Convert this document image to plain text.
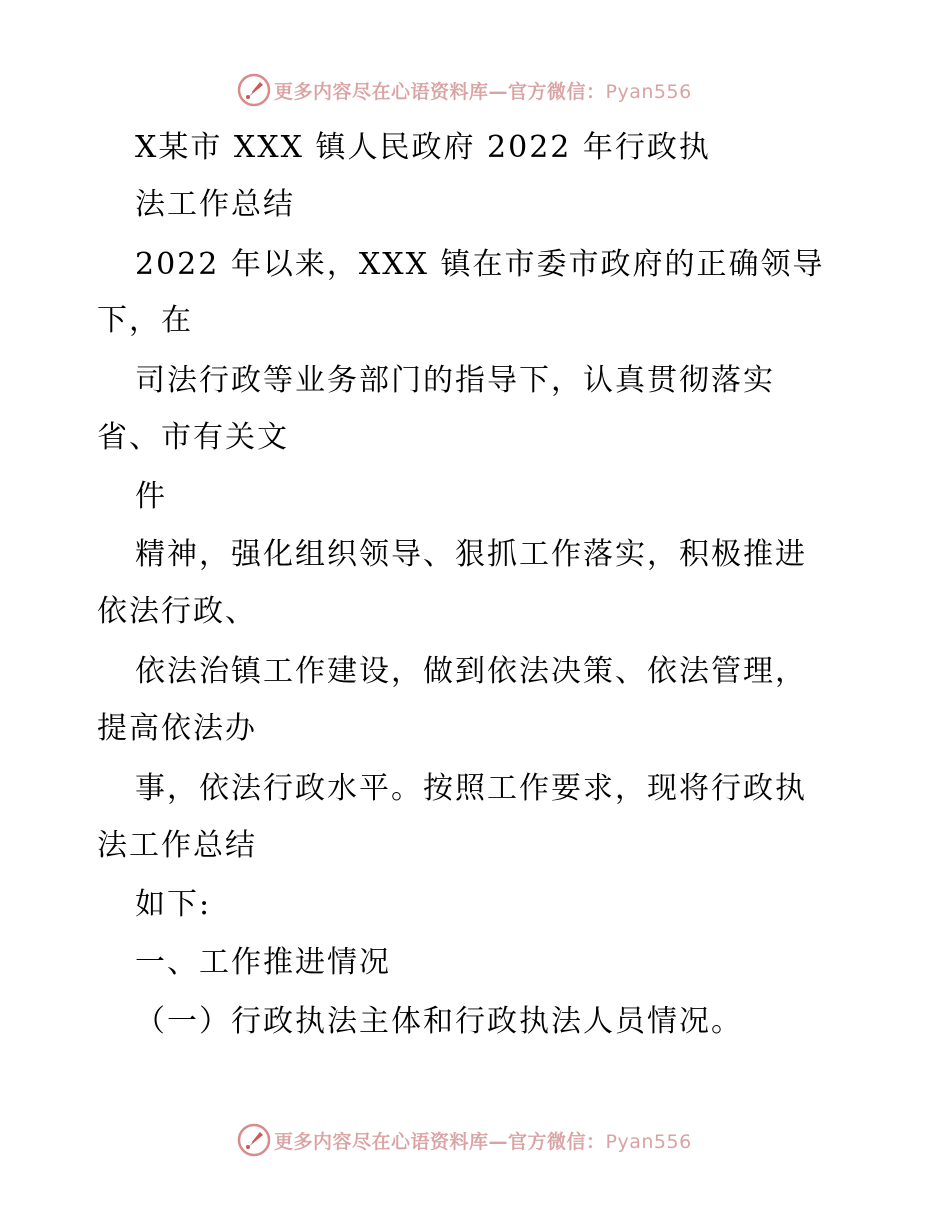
更多内容尽在心语资料库—官方微信：Pyan556
X某市 XXX 镇人民政府 2022 年行政执
法工作总结
2022 年以来，XXX 镇在市委市政府的正确领导
下，在
司法行政等业务部门的指导下，认真贯彻落实
省、市有关文
件
精神，强化组织领导、狠抓工作落实，积极推进
依法行政、
依法治镇工作建设，做到依法决策、依法管理，
提高依法办
事，依法行政水平。按照工作要求，现将行政执
法工作总结
如下:
一、工作推进情况
（一）行政执法主体和行政执法人员情况。
更多内容尽在心语资料库—官方微信：Pyan556
